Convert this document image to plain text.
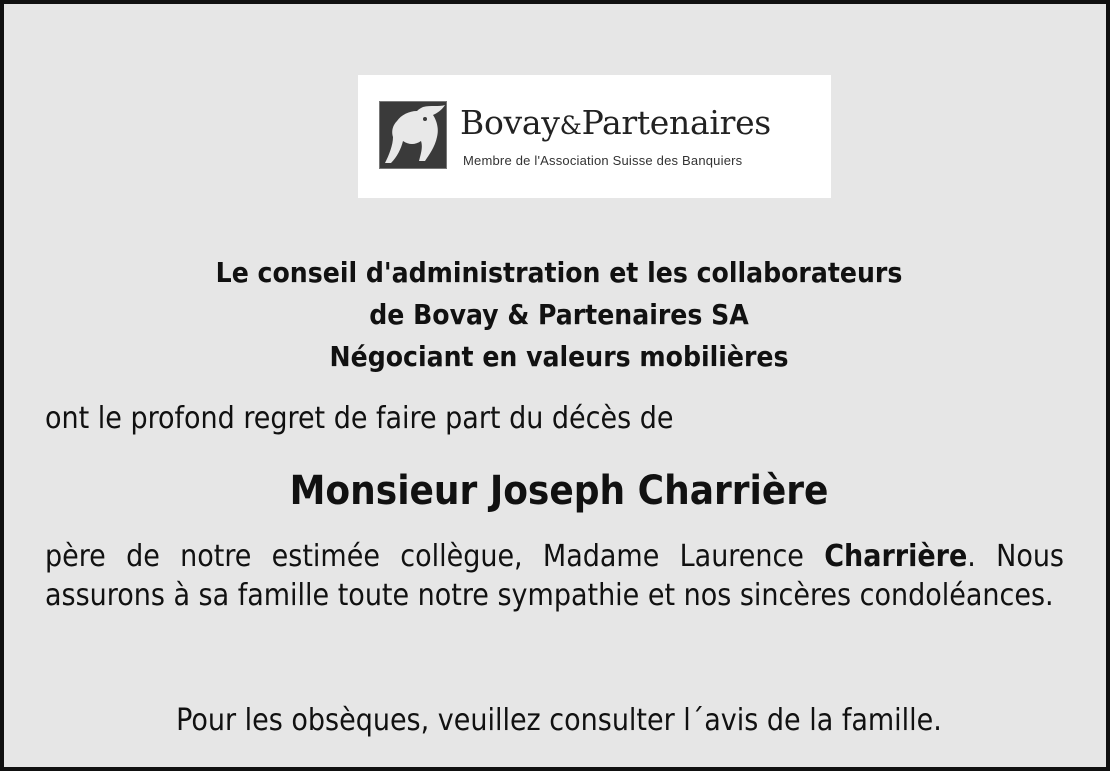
Bovay&Partenaires
Membre de l'Association Suisse des Banquiers
Le conseil d'administration et les collaborateurs
de Bovay & Partenaires SA
Négociant en valeurs mobilières
ont le profond regret de faire part du décès de
Monsieur Joseph Charrière
père de notre estimée collègue, Madame Laurence Charrière. Nous assurons à sa famille toute notre sympathie et nos sincères condoléances.
Pour les obsèques, veuillez consulter l´avis de la famille.
